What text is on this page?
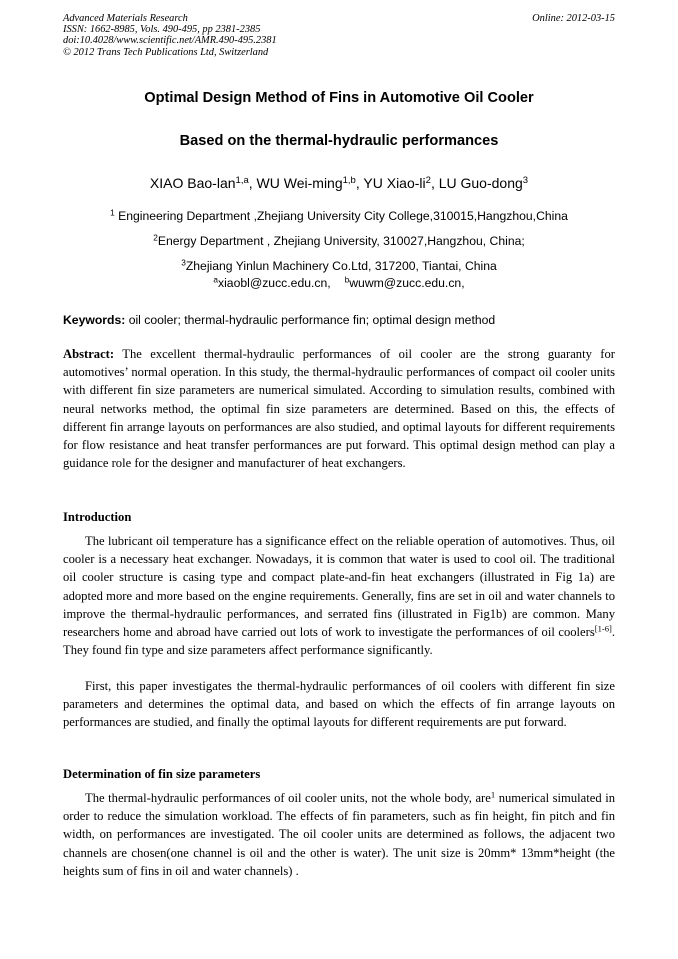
Advanced Materials Research
ISSN: 1662-8985, Vols. 490-495, pp 2381-2385
doi:10.4028/www.scientific.net/AMR.490-495.2381
© 2012 Trans Tech Publications Ltd, Switzerland
Online: 2012-03-15
Optimal Design Method of Fins in Automotive Oil Cooler
Based on the thermal-hydraulic performances
XIAO Bao-lan$^{1,a}$, WU Wei-ming$^{1,b}$, YU Xiao-$li^2$, LU Guo-dong$^3$
$^1$ Engineering Department ,Zhejiang University City College,310015,Hangzhou,China
$^2$Energy Department , Zhejiang University, 310027,Hangzhou, China;
$^3$Zhejiang Yinlun Machinery Co.Ltd, 317200, Tiantai, China
$^a$xiaobl@zucc.edu.cn, $^b$wuwm@zucc.edu.cn,
Keywords: oil cooler; thermal-hydraulic performance fin; optimal design method

Abstract: The excellent thermal-hydraulic performances of oil cooler are the strong guaranty for automotives’ normal operation. In this study, the thermal-hydraulic performances of compact oil cooler units with different fin size parameters are numerical simulated. According to simulation results, combined with neural networks method, the optimal fin size parameters are determined. Based on this, the effects of different fin arrange layouts on performances are also studied, and optimal layouts for different requirements for flow resistance and heat transfer performances are put forward. This optimal design method can play a guidance role for the designer and manufacturer of heat exchangers.

Introduction

The lubricant oil temperature has a significance effect on the reliable operation of automotives. Thus, oil cooler is a necessary heat exchanger. Nowadays, it is common that water is used to cool oil. The traditional oil cooler structure is casing type and compact plate-and-fin heat exchangers (illustrated in Fig 1a) are adopted more and more based on the engine requirements. Generally, fins are set in oil and water channels to improve the thermal-hydraulic performances, and serrated fins (illustrated in Fig1b) are common. Many researchers home and abroad have carried out lots of work to investigate the performances of oil coolers[1-6]. They found fin type and size parameters affect performance significantly.

First, this paper investigates the thermal-hydraulic performances of oil coolers with different fin size parameters and determines the optimal data, and based on which the effects of fin arrange layouts on performances are studied, and finally the optimal layouts for different requirements are put forward.

Determination of fin size parameters

The thermal-hydraulic performances of oil cooler units, not the whole body, are$^1$ numerical simulated in order to reduce the simulation workload. The effects of fin parameters, such as fin height, fin pitch and fin width, on performances are investigated. The oil cooler units are determined as follows, the adjacent two channels are chosen(one channel is oil and the other is water). The unit size is 20mm* 13mm*height (the heights sum of fins in oil and water channels) .
